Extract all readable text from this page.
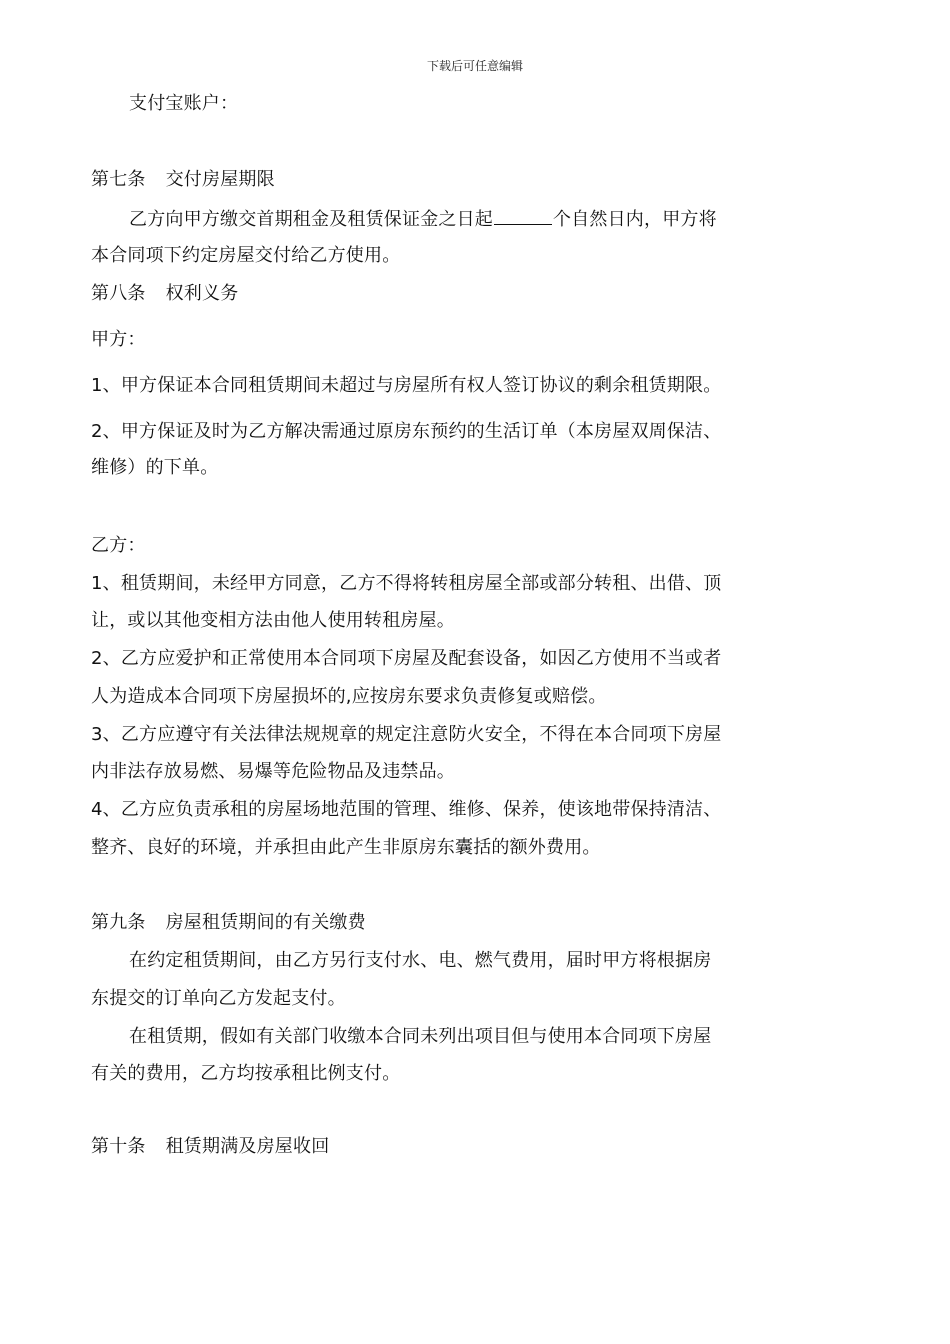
下载后可任意编辑
支付宝账户：
第七条 交付房屋期限
乙方向甲方缴交首期租金及租赁保证金之日起	个自然日内，甲方将
本合同项下约定房屋交付给乙方使用。
第八条 权利义务
甲方：
1、甲方保证本合同租赁期间未超过与房屋所有权人签订协议的剩余租赁期限。
2、甲方保证及时为乙方解决需通过原房东预约的生活订单（本房屋双周保洁、
维修）的下单。
乙方：
1、租赁期间，未经甲方同意，乙方不得将转租房屋全部或部分转租、出借、顶
让，或以其他变相方法由他人使用转租房屋。
2、乙方应爱护和正常使用本合同项下房屋及配套设备，如因乙方使用不当或者
人为造成本合同项下房屋损坏的,应按房东要求负责修复或赔偿。
3、乙方应遵守有关法律法规规章的规定注意防火安全，不得在本合同项下房屋
内非法存放易燃、易爆等危险物品及违禁品。
4、乙方应负责承租的房屋场地范围的管理、维修、保养，使该地带保持清洁、
整齐、良好的环境，并承担由此产生非原房东囊括的额外费用。
第九条 房屋租赁期间的有关缴费
在约定租赁期间，由乙方另行支付水、电、燃气费用，届时甲方将根据房
东提交的订单向乙方发起支付。
在租赁期，假如有关部门收缴本合同未列出项目但与使用本合同项下房屋
有关的费用，乙方均按承租比例支付。
第十条 租赁期满及房屋收回
